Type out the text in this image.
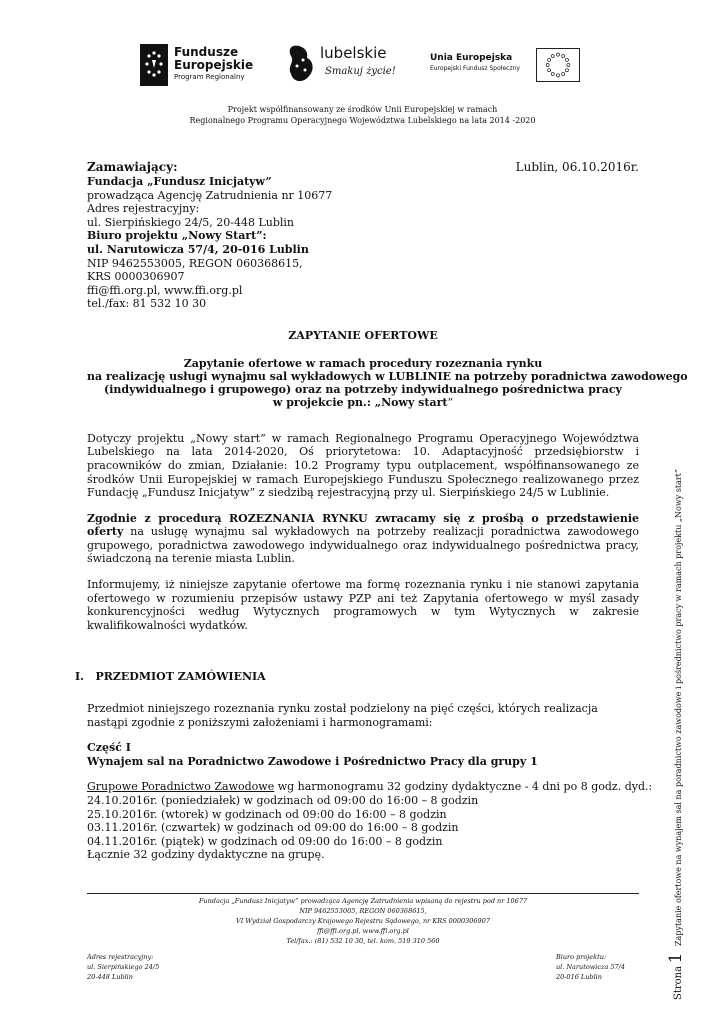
Fundusze
Europejskie
Program Regionalny
lubelskie
Smakuj życie!
Unia Europejska
Europejski Fundusz Społeczny
Projekt współfinansowany ze środków Unii Europejskiej w ramach
Regionalnego Programu Operacyjnego Województwa Lubelskiego na lata 2014 -2020
Lublin, 06.10.2016r.
Zamawiający:
Fundacja „Fundusz Inicjatyw”
prowadząca Agencję Zatrudnienia nr 10677
Adres rejestracyjny:
ul. Sierpińskiego 24/5, 20-448 Lublin
Biuro projektu „Nowy Start”:
ul. Narutowicza 57/4, 20-016 Lublin
NIP 9462553005, REGON 060368615,
KRS 0000306907
ffi@ffi.org.pl, www.ffi.org.pl
tel./fax: 81 532 10 30
ZAPYTANIE OFERTOWE
Zapytanie ofertowe w ramach procedury rozeznania rynku
na realizację usługi wynajmu sal wykładowych w LUBLINIE na potrzeby poradnictwa zawodowego
(indywidualnego i grupowego) oraz na potrzeby indywidualnego pośrednictwa pracy
w projekcie pn.: „Nowy start”

Dotyczy projektu „Nowy start” w ramach Regionalnego Programu Operacyjnego Województwa Lubelskiego na lata 2014-2020, Oś priorytetowa: 10. Adaptacyjność przedsiębiorstw i pracowników do zmian, Działanie: 10.2 Programy typu outplacement, współfinansowanego ze środków Unii Europejskiej w ramach Europejskiego Funduszu Społecznego realizowanego przez Fundację „Fundusz Inicjatyw” z siedzibą rejestracyjną przy ul. Sierpińskiego 24/5 w Lublinie.

Zgodnie z procedurą ROZEZNANIA RYNKU zwracamy się z prośbą o przedstawienie oferty na usługę wynajmu sal wykładowych na potrzeby realizacji poradnictwa zawodowego grupowego, poradnictwa zawodowego indywidualnego oraz indywidualnego pośrednictwa pracy, świadczoną na terenie miasta Lublin.

Informujemy, iż niniejsze zapytanie ofertowe ma formę rozeznania rynku i nie stanowi zapytania ofertowego w rozumieniu przepisów ustawy PZP ani też Zapytania ofertowego w myśl zasady konkurencyjności według Wytycznych programowych w tym Wytycznych w zakresie kwalifikowalności wydatków.

I.   PRZEDMIOT ZAMÓWIENIA

Przedmiot niniejszego rozeznania rynku został podzielony na pięć części, których realizacja nastąpi zgodnie z poniższymi założeniami i harmonogramami:

Część I
Wynajem sal na Poradnictwo Zawodowe i Pośrednictwo Pracy dla grupy 1
Grupowe Poradnictwo Zawodowe wg harmonogramu 32 godziny dydaktyczne - 4 dni po 8 godz. dyd.:
24.10.2016r. (poniedziałek) w godzinach od 09:00 do 16:00 – 8 godzin
25.10.2016r. (wtorek) w godzinach od 09:00 do 16:00 – 8 godzin
03.11.2016r. (czwartek) w godzinach od 09:00 do 16:00 – 8 godzin
04.11.2016r. (piątek) w godzinach od 09:00 do 16:00 – 8 godzin
Łącznie 32 godziny dydaktyczne na grupę.
Strona 1 Zapytanie ofertowe na wynajem sal na poradnictwo zawodowe i pośrednictwo pracy w ramach projektu „Nowy start”
Fundacja „Fundusz Inicjatyw” prowadząca Agencję Zatrudnienia wpisaną do rejestru pod nr 10677
NIP 9462553005, REGON 060368615,
VI Wydział Gospodarczy Krajowego Rejestru Sądowego, nr KRS 0000306907
ffi@ffi.org.pl, www.ffi.org.pl
Tel/fax.: (81) 532 10 30, tel. kom. 519 310 560
Adres rejestracyjny:
ul. Sierpińskiego 24/5
20-448 Lublin
Biuro projektu:
ul. Narutowicza 57/4
20-016 Lublin
